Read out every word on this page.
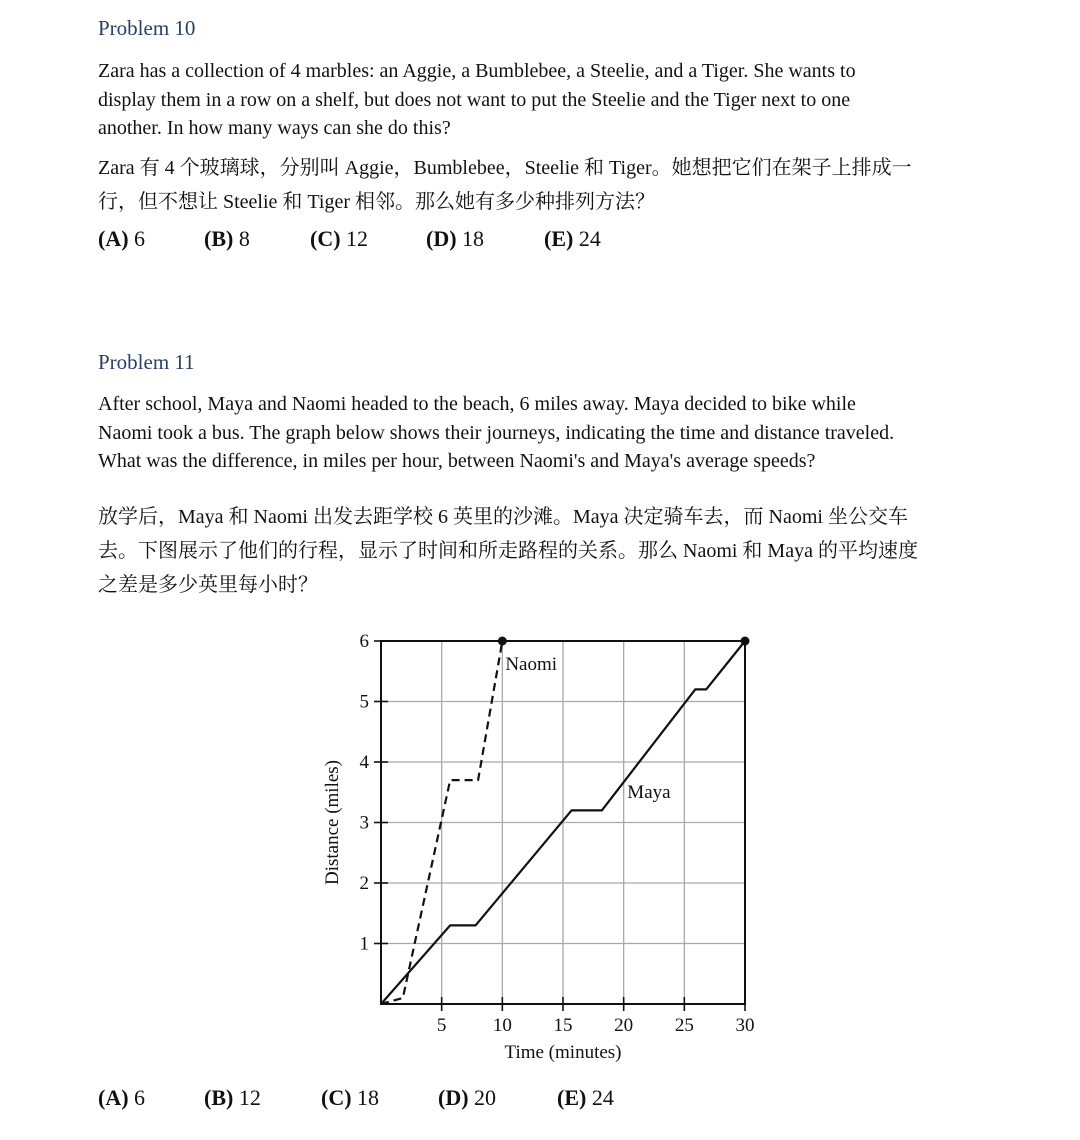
Problem 10
Zara has a collection of 4 marbles: an Aggie, a Bumblebee, a Steelie, and a Tiger. She wants to
display them in a row on a shelf, but does not want to put the Steelie and the Tiger next to one
another. In how many ways can she do this?
Zara 有 4 个玻璃球，分别叫 Aggie，Bumblebee，Steelie 和 Tiger。她想把它们在架子上排成一
行，但不想让 Steelie 和 Tiger 相邻。那么她有多少种排列方法？
(A) 6	(B) 8	(C) 12	(D) 18	(E) 24
Problem 11
After school, Maya and Naomi headed to the beach, 6 miles away. Maya decided to bike while
Naomi took a bus. The graph below shows their journeys, indicating the time and distance traveled.
What was the difference, in miles per hour, between Naomi's and Maya's average speeds?
放学后，Maya 和 Naomi 出发去距学校 6 英里的沙滩。Maya 决定骑车去，而 Naomi 坐公交车
去。下图展示了他们的行程，显示了时间和所走路程的关系。那么 Naomi 和 Maya 的平均速度
之差是多少英里每小时？
5 10 15 20 25 30
1
2
3
4
5
6
Naomi
Maya
Time (minutes)
Distance (miles)
(A) 6	(B) 12	(C) 18	(D) 20	(E) 24
